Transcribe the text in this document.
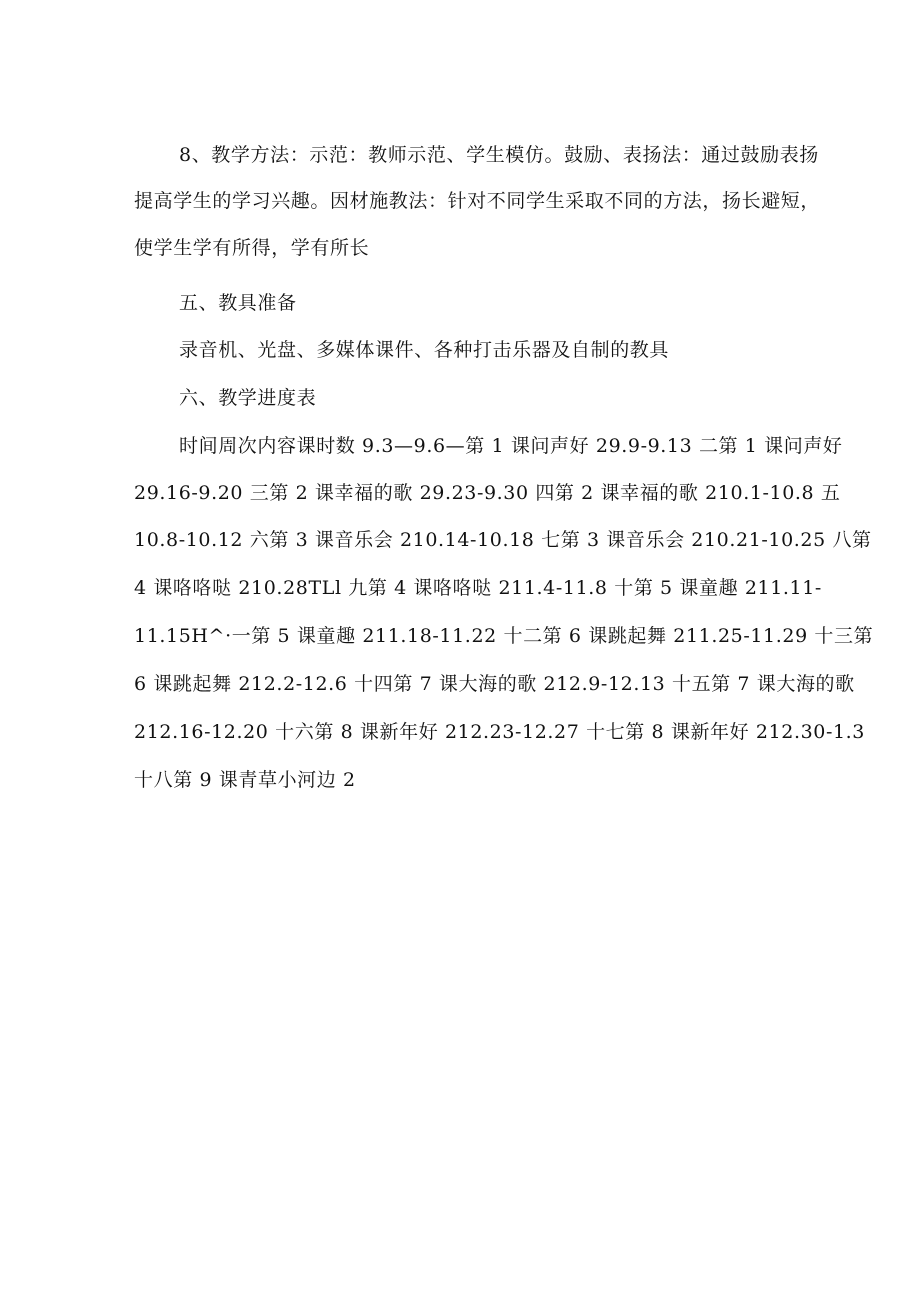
8、教学方法：示范：教师示范、学生模仿。鼓励、表扬法：通过鼓励表扬
提高学生的学习兴趣。因材施教法：针对不同学生采取不同的方法，扬长避短，
使学生学有所得，学有所长
五、教具准备
录音机、光盘、多媒体课件、各种打击乐器及自制的教具
六、教学进度表
时间周次内容课时数 9.3—9.6—第 1 课问声好 29.9-9.13 二第 1 课问声好
29.16-9.20 三第 2 课幸福的歌 29.23-9.30 四第 2 课幸福的歌 210.1-10.8 五
10.8-10.12 六第 3 课音乐会 210.14-10.18 七第 3 课音乐会 210.21-10.25 八第
4 课咯咯哒 210.28TLl 九第 4 课咯咯哒 211.4-11.8 十第 5 课童趣 211.11-
11.15H^·一第 5 课童趣 211.18-11.22 十二第 6 课跳起舞 211.25-11.29 十三第
6 课跳起舞 212.2-12.6 十四第 7 课大海的歌 212.9-12.13 十五第 7 课大海的歌
212.16-12.20 十六第 8 课新年好 212.23-12.27 十七第 8 课新年好 212.30-1.3
十八第 9 课青草小河边 2
